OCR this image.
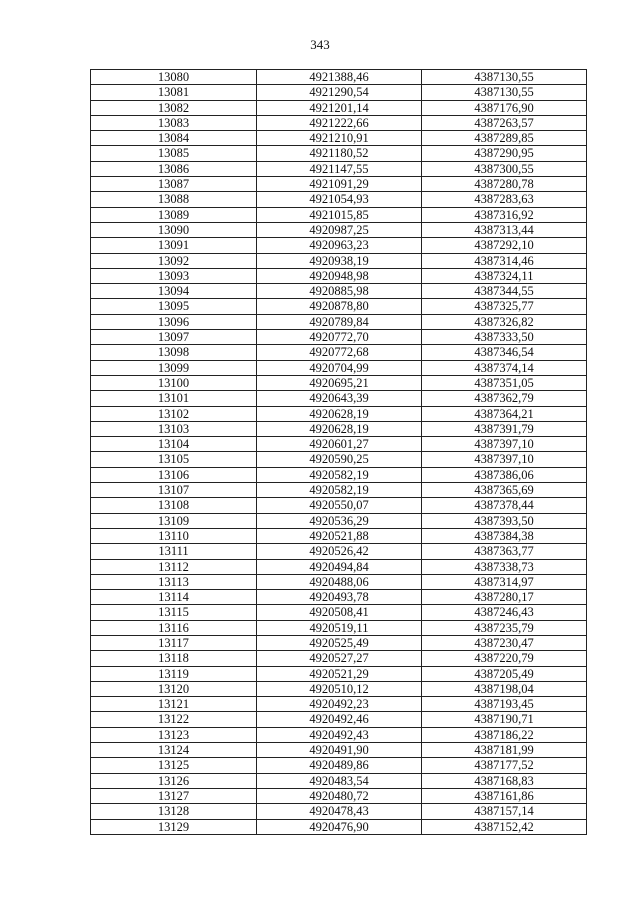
343
13080	4921388,46	4387130,55
13081	4921290,54	4387130,55
13082	4921201,14	4387176,90
13083	4921222,66	4387263,57
13084	4921210,91	4387289,85
13085	4921180,52	4387290,95
13086	4921147,55	4387300,55
13087	4921091,29	4387280,78
13088	4921054,93	4387283,63
13089	4921015,85	4387316,92
13090	4920987,25	4387313,44
13091	4920963,23	4387292,10
13092	4920938,19	4387314,46
13093	4920948,98	4387324,11
13094	4920885,98	4387344,55
13095	4920878,80	4387325,77
13096	4920789,84	4387326,82
13097	4920772,70	4387333,50
13098	4920772,68	4387346,54
13099	4920704,99	4387374,14
13100	4920695,21	4387351,05
13101	4920643,39	4387362,79
13102	4920628,19	4387364,21
13103	4920628,19	4387391,79
13104	4920601,27	4387397,10
13105	4920590,25	4387397,10
13106	4920582,19	4387386,06
13107	4920582,19	4387365,69
13108	4920550,07	4387378,44
13109	4920536,29	4387393,50
13110	4920521,88	4387384,38
13111	4920526,42	4387363,77
13112	4920494,84	4387338,73
13113	4920488,06	4387314,97
13114	4920493,78	4387280,17
13115	4920508,41	4387246,43
13116	4920519,11	4387235,79
13117	4920525,49	4387230,47
13118	4920527,27	4387220,79
13119	4920521,29	4387205,49
13120	4920510,12	4387198,04
13121	4920492,23	4387193,45
13122	4920492,46	4387190,71
13123	4920492,43	4387186,22
13124	4920491,90	4387181,99
13125	4920489,86	4387177,52
13126	4920483,54	4387168,83
13127	4920480,72	4387161,86
13128	4920478,43	4387157,14
13129	4920476,90	4387152,42
